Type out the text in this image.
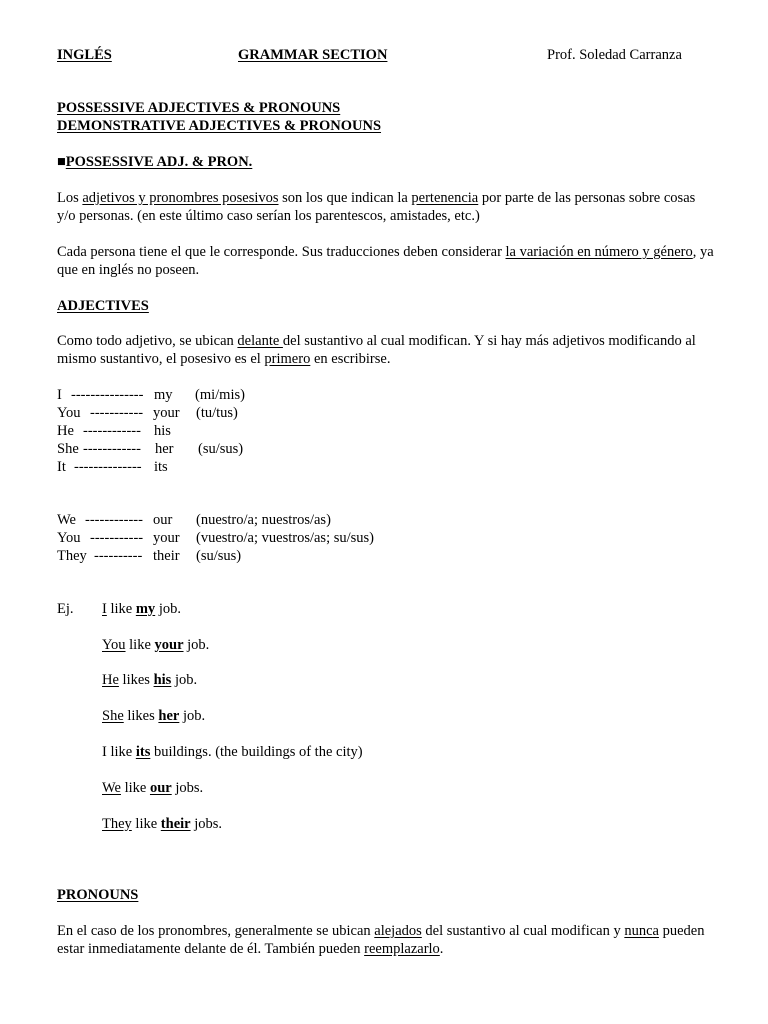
INGLÉS	GRAMMAR SECTION	Prof. Soledad Carranza
POSSESSIVE ADJECTIVES & PRONOUNS
DEMONSTRATIVE ADJECTIVES & PRONOUNS
■POSSESSIVE ADJ. & PRON.
Los adjetivos y pronombres posesivos son los que indican la pertenencia por parte de las personas sobre cosas y/o personas. (en este último caso serían los parentescos, amistades, etc.)
Cada persona tiene el que le corresponde. Sus traducciones deben considerar la variación en número y género, ya que en inglés no poseen.
ADJECTIVES
Como todo adjetivo, se ubican delante del sustantivo al cual modifican. Y si hay más adjetivos modificando al mismo sustantivo, el posesivo es el primero en escribirse.
I --------------- my (mi/mis)
You ----------- your (tu/tus)
He ------------ his
She ------------ her (su/sus)
It -------------- its
We ------------ our (nuestro/a; nuestros/as)
You ----------- your (vuestro/a; vuestros/as; su/sus)
They ---------- their (su/sus)
Ej. I like my job.
You like your job.
He likes his job.
She likes her job.
I like its buildings. (the buildings of the city)
We like our jobs.
They like their jobs.
PRONOUNS
En el caso de los pronombres, generalmente se ubican alejados del sustantivo al cual modifican y nunca pueden estar inmediatamente delante de él. También pueden reemplazarlo.
